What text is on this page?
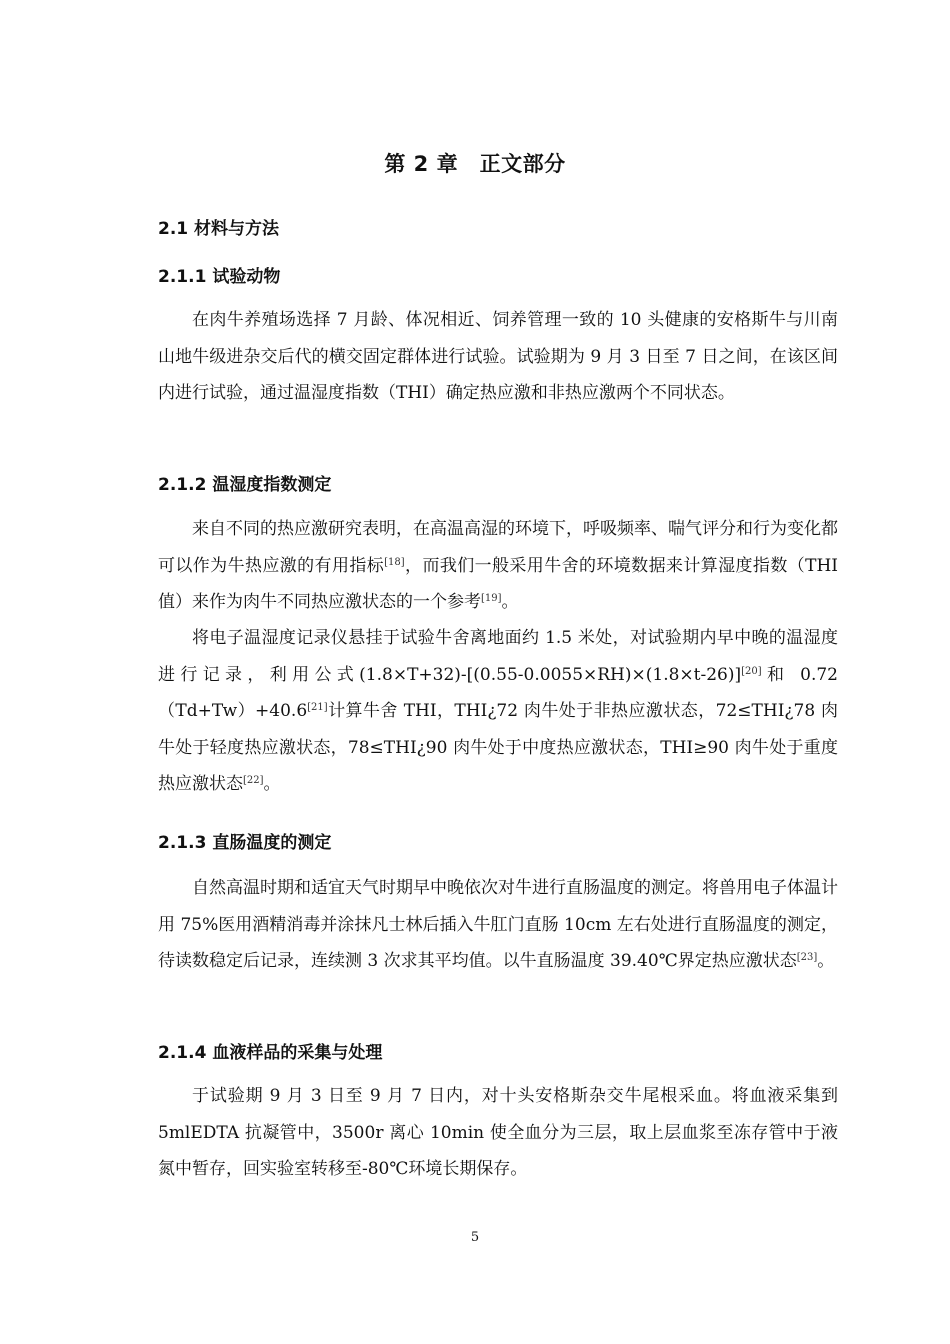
第 2 章　正文部分
2.1 材料与方法
2.1.1 试验动物

在肉牛养殖场选择 7 月龄、体况相近、饲养管理一致的 10 头健康的安格斯牛与川南山地牛级进杂交后代的横交固定群体进行试验。试验期为 9 月 3 日至 7 日之间，在该区间内进行试验，通过温湿度指数（THI）确定热应激和非热应激两个不同状态。

2.1.2 温湿度指数测定

来自不同的热应激研究表明，在高温高湿的环境下，呼吸频率、喘气评分和行为变化都可以作为牛热应激的有用指标[18]，而我们一般采用牛舍的环境数据来计算湿度指数（THI 值）来作为肉牛不同热应激状态的一个参考[19]。

将电子温湿度记录仪悬挂于试验牛舍离地面约 1.5 米处，对试验期内早中晚的温湿度进行记录，利用公式(1.8×T+32)-[(0.55-0.0055×RH)×(1.8×t-26)][20]和 0.72（Td+Tw）+40.6[21]计算牛舍 THI，THI¿72 肉牛处于非热应激状态，72≤THI¿78 肉牛处于轻度热应激状态，78≤THI¿90 肉牛处于中度热应激状态，THI≥90 肉牛处于重度热应激状态[22]。

2.1.3 直肠温度的测定

自然高温时期和适宜天气时期早中晚依次对牛进行直肠温度的测定。将兽用电子体温计用 75%医用酒精消毒并涂抹凡士林后插入牛肛门直肠 10cm 左右处进行直肠温度的测定，待读数稳定后记录，连续测 3 次求其平均值。以牛直肠温度 39.40℃界定热应激状态[23]。

2.1.4 血液样品的采集与处理

于试验期 9 月 3 日至 9 月 7 日内，对十头安格斯杂交牛尾根采血。将血液采集到 5mlEDTA 抗凝管中，3500r 离心 10min 使全血分为三层，取上层血浆至冻存管中于液氮中暂存，回实验室转移至-80℃环境长期保存。

5
